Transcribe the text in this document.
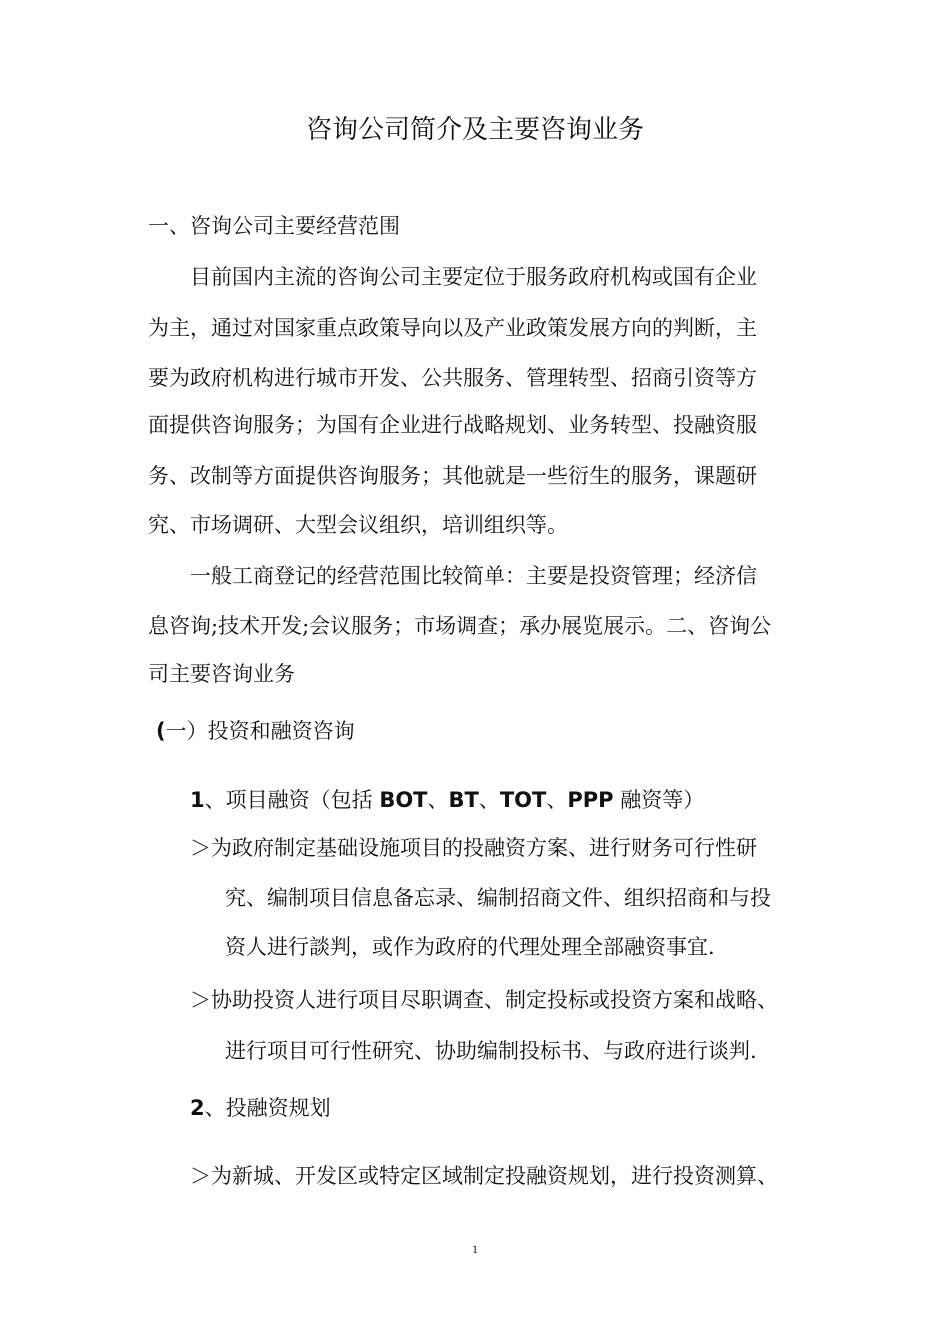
咨询公司简介及主要咨询业务
一、咨询公司主要经营范围
目前国内主流的咨询公司主要定位于服务政府机构或国有企业
为主，通过对国家重点政策导向以及产业政策发展方向的判断，主
要为政府机构进行城市开发、公共服务、管理转型、招商引资等方
面提供咨询服务；为国有企业进行战略规划、业务转型、投融资服
务、改制等方面提供咨询服务；其他就是一些衍生的服务，课题研
究、市场调研、大型会议组织，培训组织等。
一般工商登记的经营范围比较简单：主要是投资管理；经济信
息咨询;技术开发;会议服务；市场调查；承办展览展示。二、咨询公
司主要咨询业务
(一）投资和融资咨询
1、项目融资（包括 BOT、BT、TOT、PPP 融资等）
＞为政府制定基础设施项目的投融资方案、进行财务可行性研
究、编制项目信息备忘录、编制招商文件、组织招商和与投
资人进行談判，或作为政府的代理处理全部融资事宜.
＞协助投资人进行项目尽职调查、制定投标或投资方案和战略、
进行项目可行性研究、协助编制投标书、与政府进行谈判.
2、投融资规划
＞为新城、开发区或特定区域制定投融资规划，进行投资测算、
1
